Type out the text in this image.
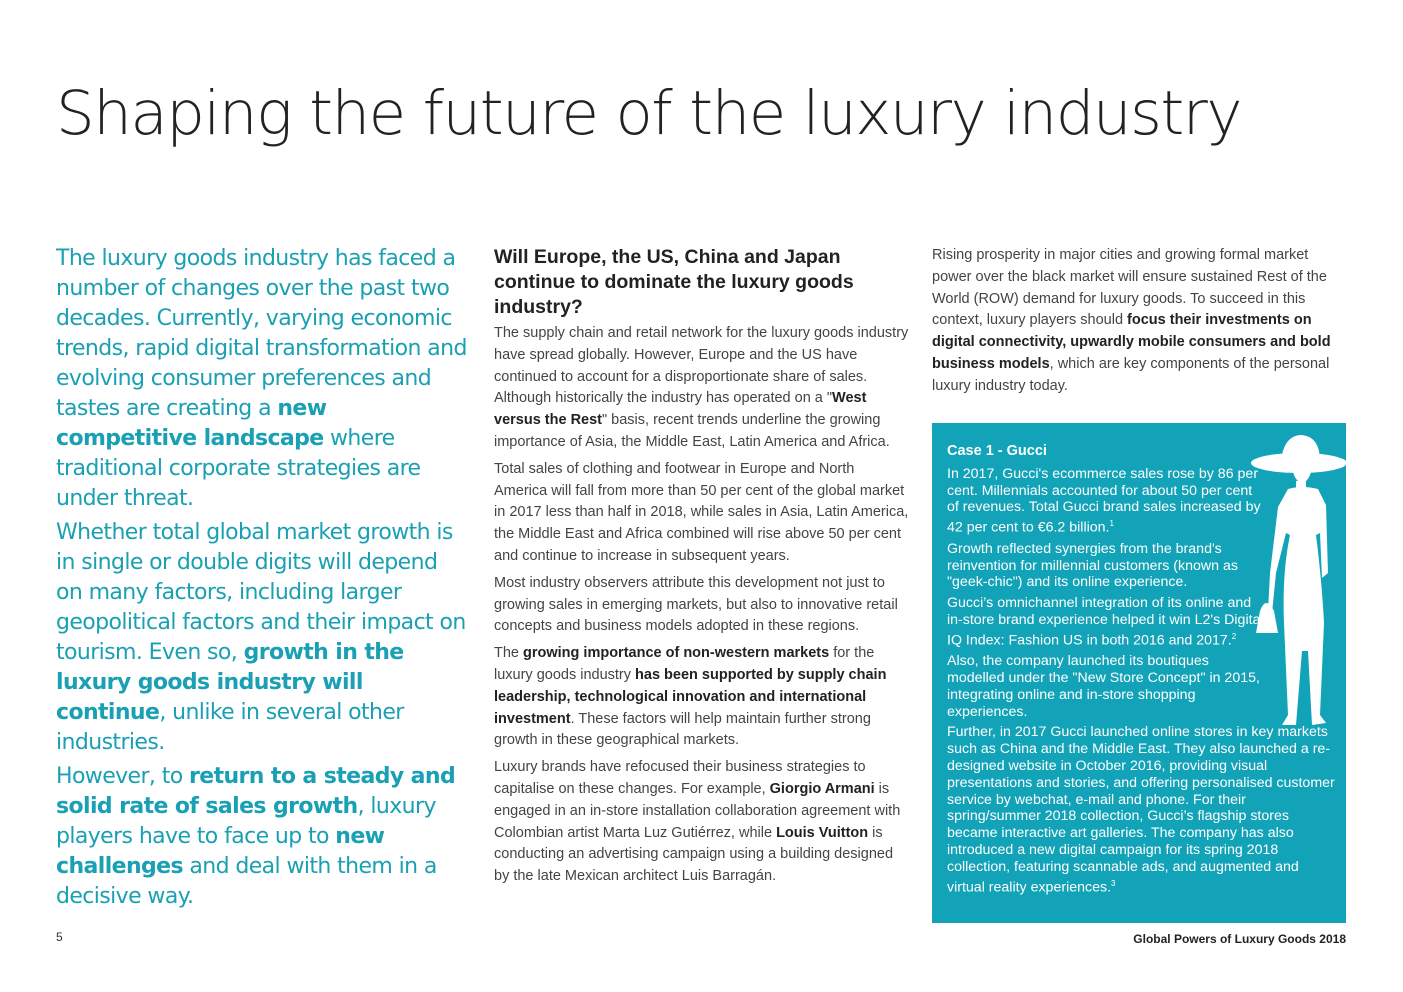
Shaping the future of the luxury industry

The luxury goods industry has faced a number of changes over the past two decades. Currently, varying economic trends, rapid digital transformation and evolving consumer preferences and tastes are creating a new competitive landscape where traditional corporate strategies are under threat.

Whether total global market growth is in single or double digits will depend on many factors, including larger geopolitical factors and their impact on tourism. Even so, growth in the luxury goods industry will continue, unlike in several other industries.

However, to return to a steady and solid rate of sales growth, luxury players have to face up to new challenges and deal with them in a decisive way.

Will Europe, the US, China and Japan continue to dominate the luxury goods industry?

The supply chain and retail network for the luxury goods industry have spread globally. However, Europe and the US have continued to account for a disproportionate share of sales. Although historically the industry has operated on a "West versus the Rest" basis, recent trends underline the growing importance of Asia, the Middle East, Latin America and Africa.

Total sales of clothing and footwear in Europe and North America will fall from more than 50 per cent of the global market in 2017 less than half in 2018, while sales in Asia, Latin America, the Middle East and Africa combined will rise above 50 per cent and continue to increase in subsequent years.

Most industry observers attribute this development not just to growing sales in emerging markets, but also to innovative retail concepts and business models adopted in these regions.

The growing importance of non-western markets for the luxury goods industry has been supported by supply chain leadership, technological innovation and international investment. These factors will help maintain further strong growth in these geographical markets.

Luxury brands have refocused their business strategies to capitalise on these changes. For example, Giorgio Armani is engaged in an in-store installation collaboration agreement with Colombian artist Marta Luz Gutiérrez, while Louis Vuitton is conducting an advertising campaign using a building designed by the late Mexican architect Luis Barragán.

Rising prosperity in major cities and growing formal market power over the black market will ensure sustained Rest of the World (ROW) demand for luxury goods. To succeed in this context, luxury players should focus their investments on digital connectivity, upwardly mobile consumers and bold business models, which are key components of the personal luxury industry today.

Case 1 - Gucci

In 2017, Gucci's ecommerce sales rose by 86 per cent. Millennials accounted for about 50 per cent of revenues. Total Gucci brand sales increased by 42 per cent to €6.2 billion.$^1$

Growth reflected synergies from the brand's reinvention for millennial customers (known as "geek-chic") and its online experience.

Gucci’s omnichannel integration of its online and in-store brand experience helped it win L2's Digital IQ Index: Fashion US in both 2016 and 2017.$^2$

Also, the company launched its boutiques modelled under the "New Store Concept" in 2015, integrating online and in-store shopping experiences.

Further, in 2017 Gucci launched online stores in key markets such as China and the Middle East. They also launched a re-designed website in October 2016, providing visual presentations and stories, and offering personalised customer service by webchat, e-mail and phone. For their spring/summer 2018 collection, Gucci’s flagship stores became interactive art galleries. The company has also introduced a new digital campaign for its spring 2018 collection, featuring scannable ads, and augmented and virtual reality experiences.$^3$

5	Global Powers of Luxury Goods 2018
